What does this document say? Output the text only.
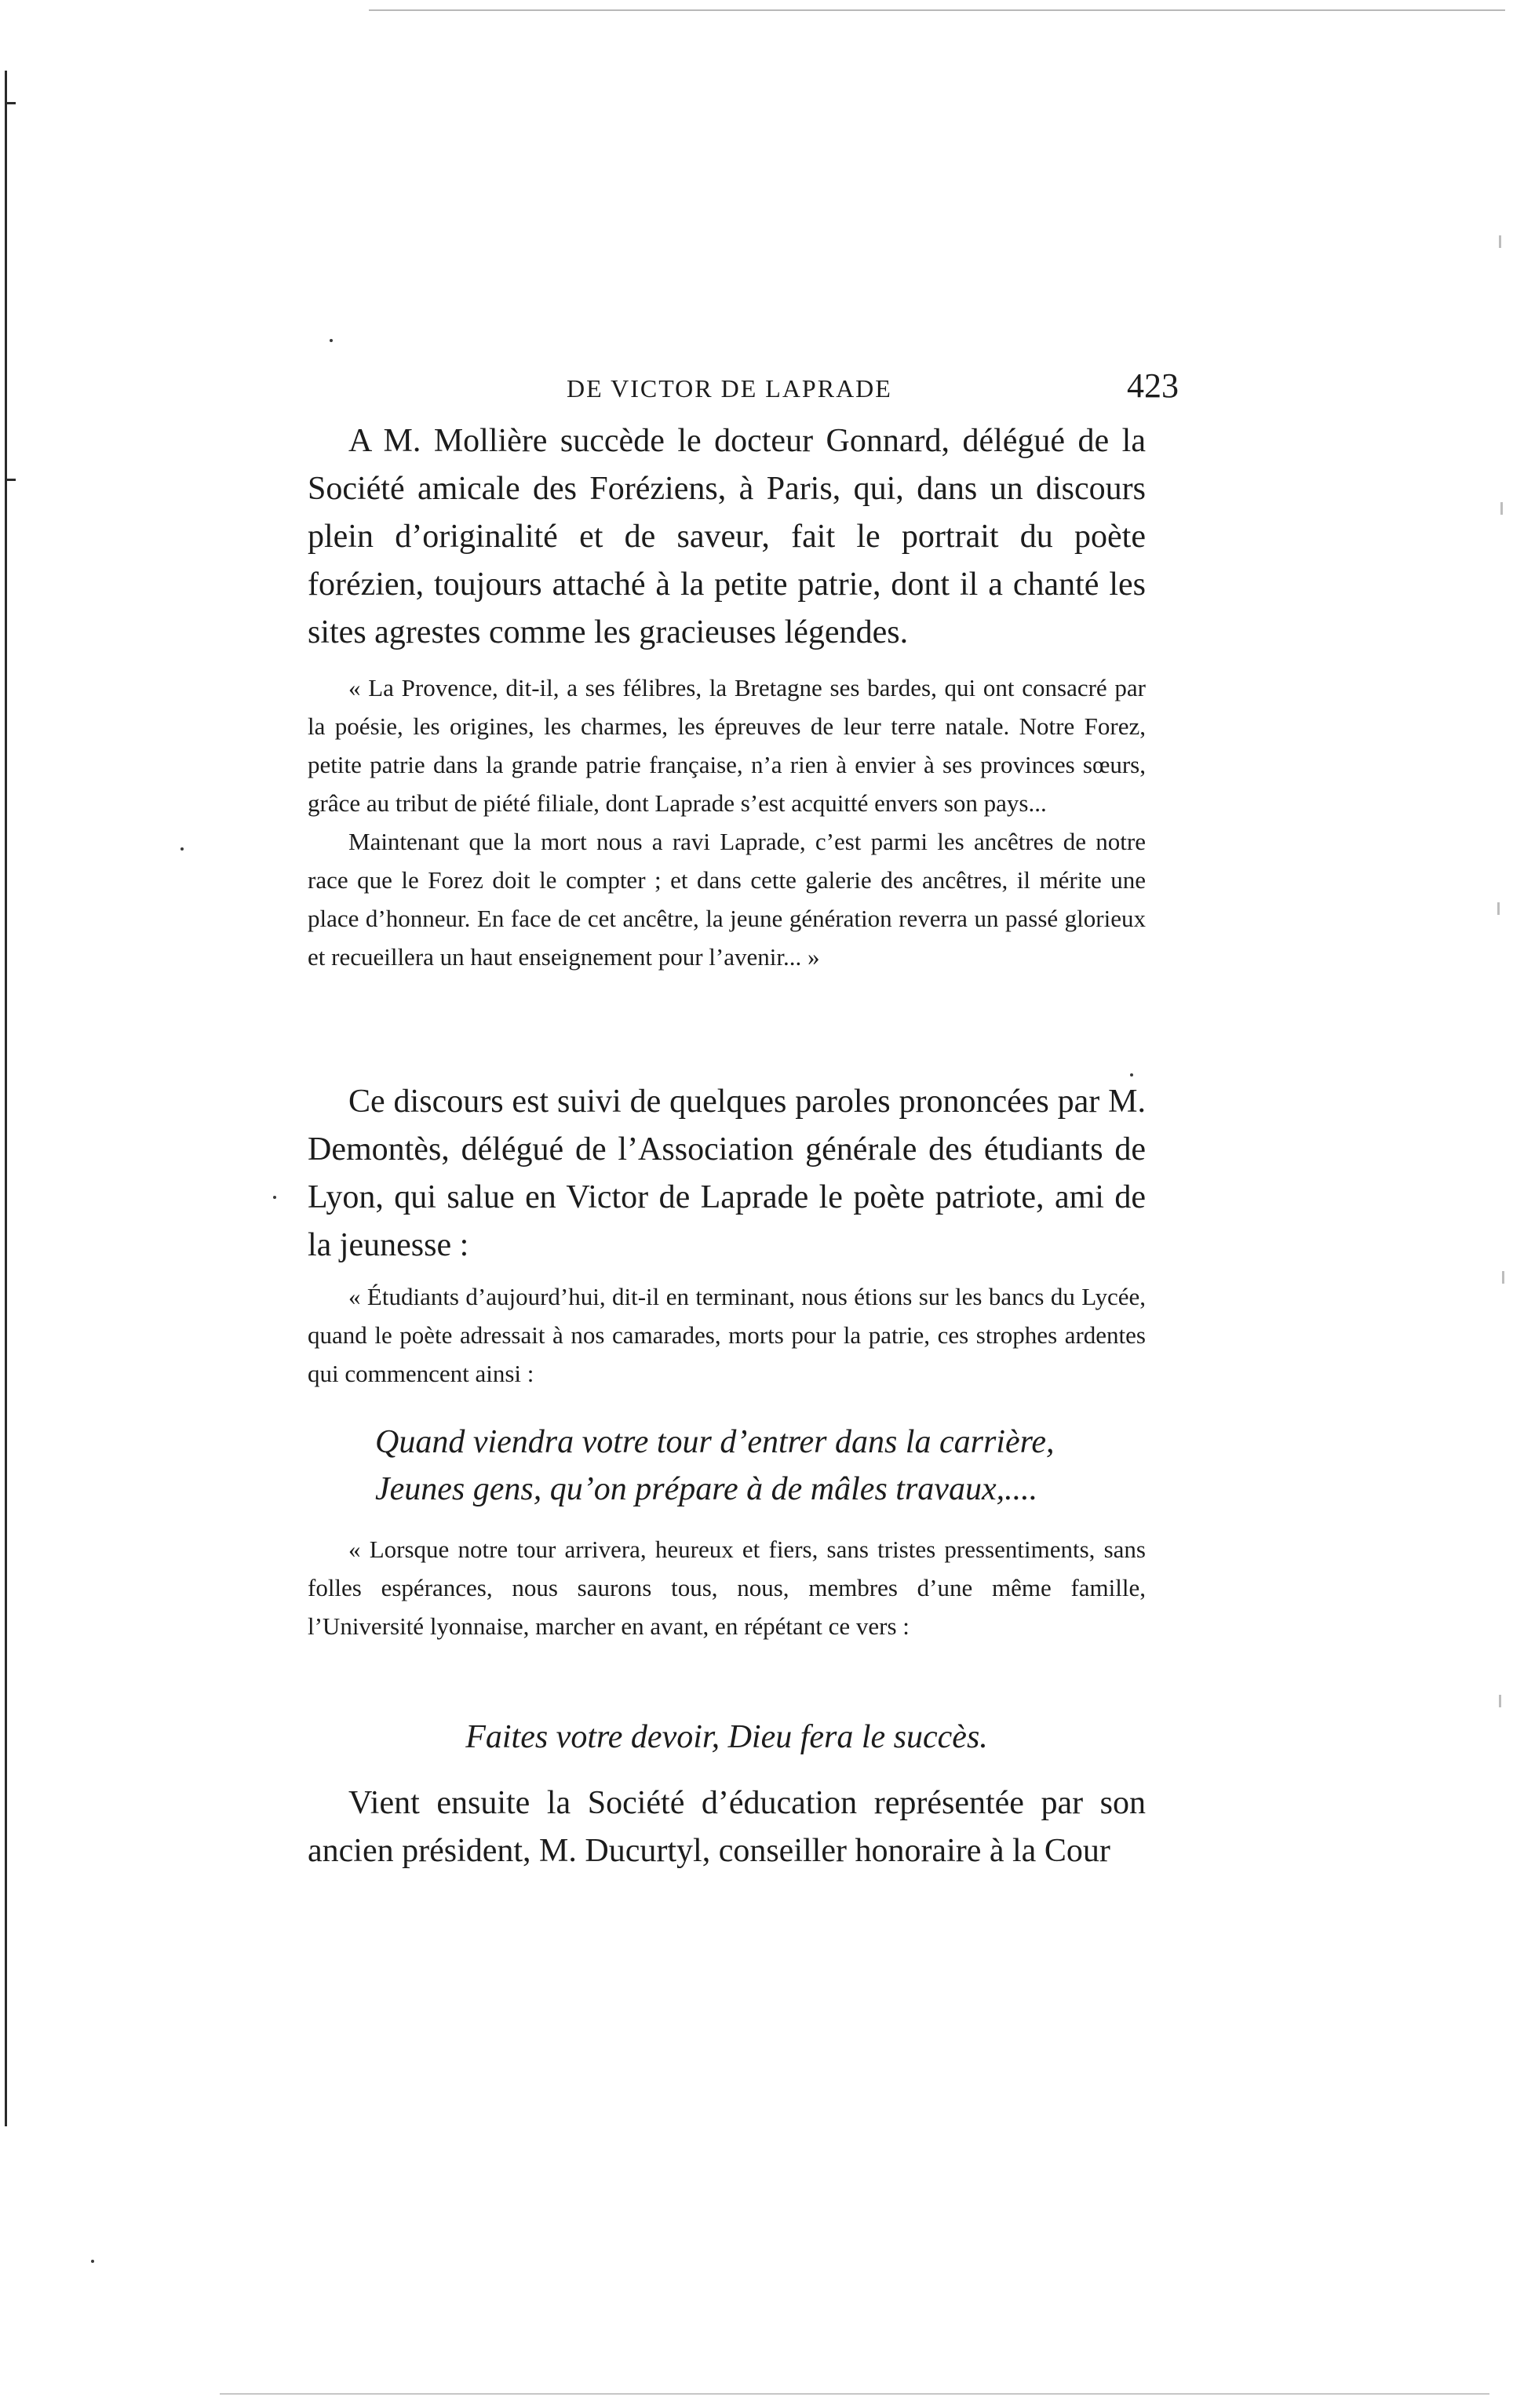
DE VICTOR DE LAPRADE	423

A M. Mollière succède le docteur Gonnard, délégué de la Société amicale des Foréziens, à Paris, qui, dans un discours plein d’originalité et de saveur, fait le portrait du poète forézien, toujours attaché à la petite patrie, dont il a chanté les sites agrestes comme les gracieuses légendes.

« La Provence, dit-il, a ses félibres, la Bretagne ses bardes, qui ont consacré par la poésie, les origines, les charmes, les épreuves de leur terre natale. Notre Forez, petite patrie dans la grande patrie française, n’a rien à envier à ses provinces sœurs, grâce au tribut de piété filiale, dont Laprade s’est acquitté envers son pays...

Maintenant que la mort nous a ravi Laprade, c’est parmi les ancêtres de notre race que le Forez doit le compter ; et dans cette galerie des ancêtres, il mérite une place d’honneur. En face de cet ancêtre, la jeune génération reverra un passé glorieux et recueillera un haut enseignement pour l’avenir... »

Ce discours est suivi de quelques paroles prononcées par M. Demontès, délégué de l’Association générale des étudiants de Lyon, qui salue en Victor de Laprade le poète patriote, ami de la jeunesse :

« Étudiants d’aujourd’hui, dit-il en terminant, nous étions sur les bancs du Lycée, quand le poète adressait à nos camarades, morts pour la patrie, ces strophes ardentes qui commencent ainsi :

Quand viendra votre tour d’entrer dans la carrière,

Jeunes gens, qu’on prépare à de mâles travaux,....

« Lorsque notre tour arrivera, heureux et fiers, sans tristes pressentiments, sans folles espérances, nous saurons tous, nous, membres d’une même famille, l’Université lyonnaise, marcher en avant, en répétant ce vers :

Faites votre devoir, Dieu fera le succès.

Vient ensuite la Société d’éducation représentée par son ancien président, M. Ducurtyl, conseiller honoraire à la Cour
